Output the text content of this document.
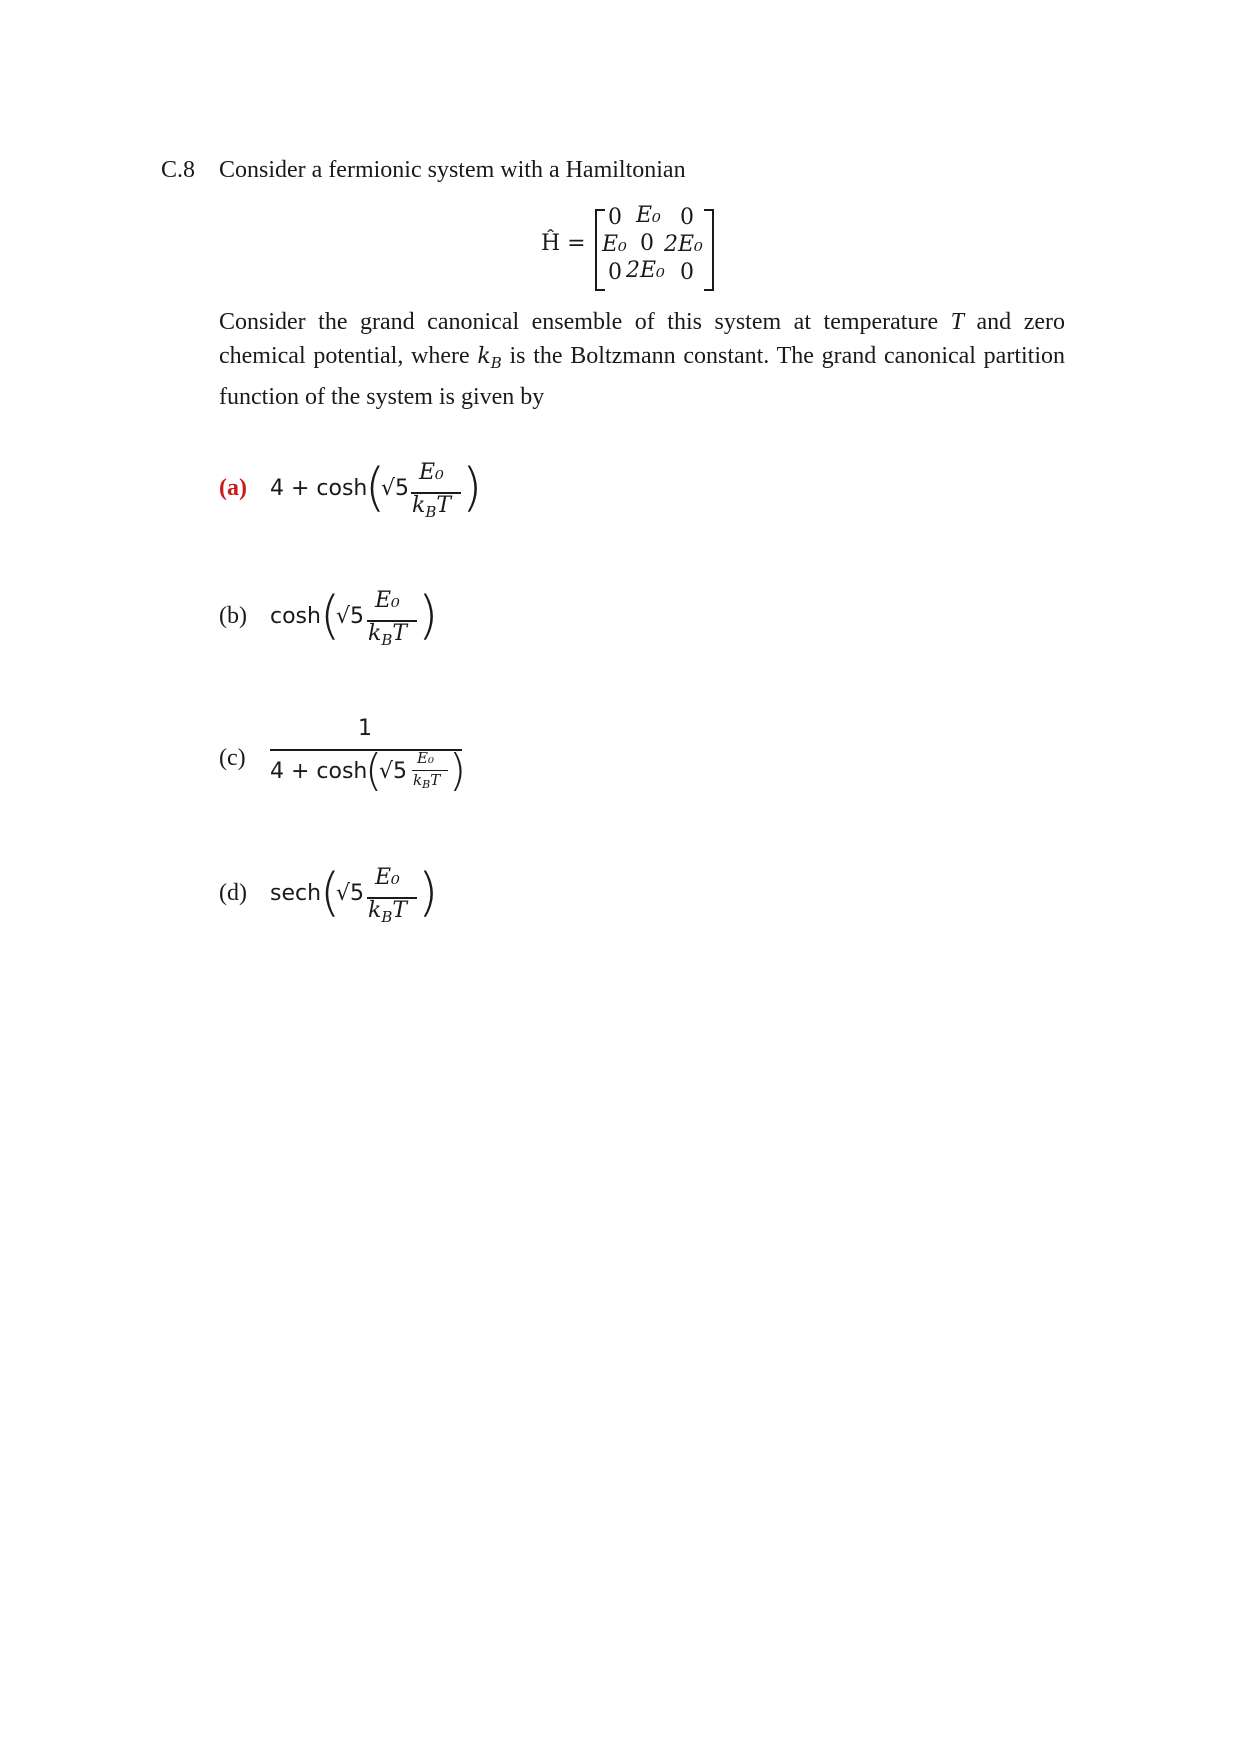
C.8 Consider a fermionic system with a Hamiltonian
Ĥ =
0 E₀ 0
E₀ 0 2E₀
0 2E₀ 0
Consider the grand canonical ensemble of this system at temperature T and zero chemical potential, where $k_B$ is the Boltzmann constant. The grand canonical partition function of the system is given by
(a) 4 + cosh
(
√5
E₀
$k_BT$ )
(b) cosh (
√5
E₀
$k_BT$ )
(c)
1
4 + cosh
(
√5
E₀
$k_BT$ )
(d) sech
(
√5
E₀
$k_BT$ )
